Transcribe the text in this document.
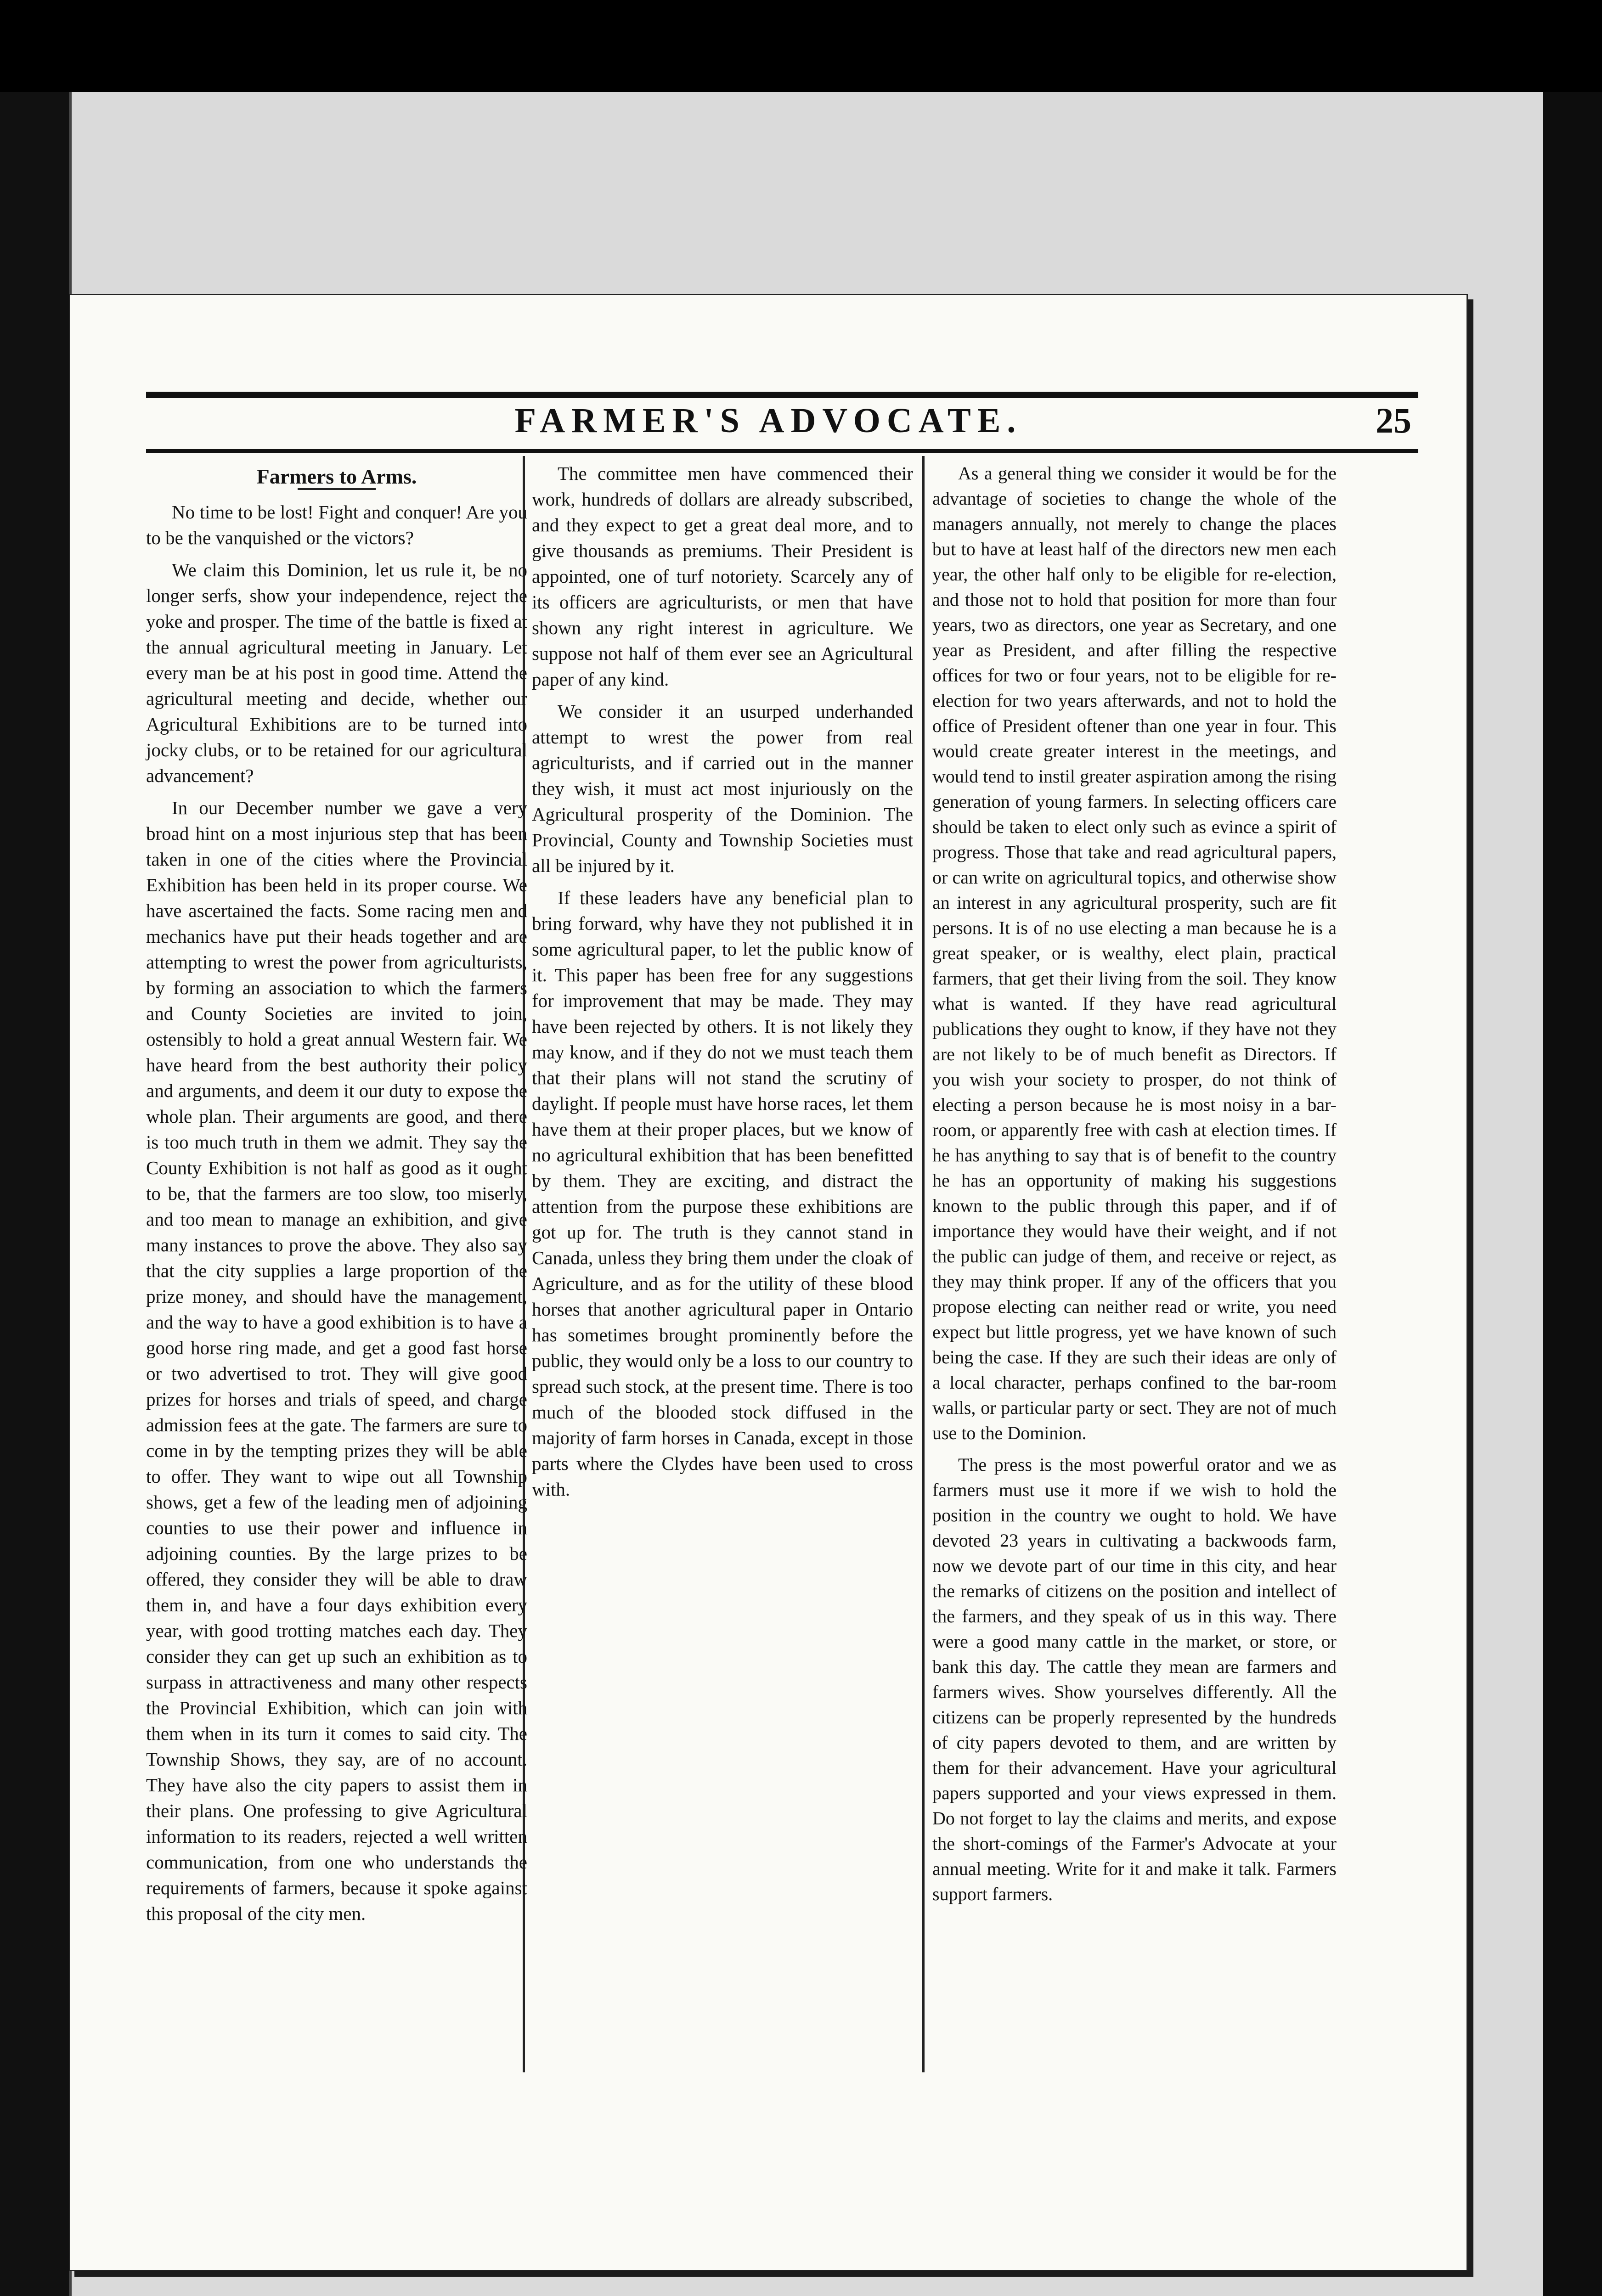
FARMER'S ADVOCATE.	25

Farmers to Arms.

No time to be lost! Fight and conquer! Are you to be the vanquished or the victors?

We claim this Dominion, let us rule it, be no longer serfs, show your independence, reject the yoke and prosper. The time of the battle is fixed at the annual agricultural meeting in January. Let every man be at his post in good time. Attend the agricultural meeting and decide, whether our Agricultural Exhibitions are to be turned into jocky clubs, or to be retained for our agricultural advancement?

In our December number we gave a very broad hint on a most injurious step that has been taken in one of the cities where the Provincial Exhibition has been held in its proper course. We have ascertained the facts. Some racing men and mechanics have put their heads together and are attempting to wrest the power from agriculturists, by forming an association to which the farmers and County Societies are invited to join, ostensibly to hold a great annual Western fair. We have heard from the best authority their policy and arguments, and deem it our duty to expose the whole plan. Their arguments are good, and there is too much truth in them we admit. They say the County Exhibition is not half as good as it ought to be, that the farmers are too slow, too miserly, and too mean to manage an exhibition, and give many instances to prove the above. They also say that the city supplies a large proportion of the prize money, and should have the management, and the way to have a good exhibition is to have a good horse ring made, and get a good fast horse or two advertised to trot. They will give good prizes for horses and trials of speed, and charge admission fees at the gate. The farmers are sure to come in by the tempting prizes they will be able to offer. They want to wipe out all Township shows, get a few of the leading men of adjoining counties to use their power and influence in adjoining counties. By the large prizes to be offered, they consider they will be able to draw them in, and have a four days exhibition every year, with good trotting matches each day. They consider they can get up such an exhibition as to surpass in attractiveness and many other respects the Provincial Exhibition, which can join with them when in its turn it comes to said city. The Township Shows, they say, are of no account. They have also the city papers to assist them in their plans. One professing to give Agricultural information to its readers, rejected a well written communication, from one who understands the requirements of farmers, because it spoke against this proposal of the city men.

The committee men have commenced their work, hundreds of dollars are already subscribed, and they expect to get a great deal more, and to give thousands as premiums. Their President is appointed, one of turf notoriety. Scarcely any of its officers are agriculturists, or men that have shown any right interest in agriculture. We suppose not half of them ever see an Agricultural paper of any kind.

We consider it an usurped underhanded attempt to wrest the power from real agriculturists, and if carried out in the manner they wish, it must act most injuriously on the Agricultural prosperity of the Dominion. The Provincial, County and Township Societies must all be injured by it.

If these leaders have any beneficial plan to bring forward, why have they not published it in some agricultural paper, to let the public know of it. This paper has been free for any suggestions for improvement that may be made. They may have been rejected by others. It is not likely they may know, and if they do not we must teach them that their plans will not stand the scrutiny of daylight. If people must have horse races, let them have them at their proper places, but we know of no agricultural exhibition that has been benefitted by them. They are exciting, and distract the attention from the purpose these exhibitions are got up for. The truth is they cannot stand in Canada, unless they bring them under the cloak of Agriculture, and as for the utility of these blood horses that another agricultural paper in Ontario has sometimes brought prominently before the public, they would only be a loss to our country to spread such stock, at the present time. There is too much of the blooded stock diffused in the majority of farm horses in Canada, except in those parts where the Clydes have been used to cross with.

As a general thing we consider it would be for the advantage of societies to change the whole of the managers annually, not merely to change the places but to have at least half of the directors new men each year, the other half only to be eligible for re-election, and those not to hold that position for more than four years, two as directors, one year as Secretary, and one year as President, and after filling the respective offices for two or four years, not to be eligible for re-election for two years afterwards, and not to hold the office of President oftener than one year in four. This would create greater interest in the meetings, and would tend to instil greater aspiration among the rising generation of young farmers. In selecting officers care should be taken to elect only such as evince a spirit of progress. Those that take and read agricultural papers, or can write on agricultural topics, and otherwise show an interest in any agricultural prosperity, such are fit persons. It is of no use electing a man because he is a great speaker, or is wealthy, elect plain, practical farmers, that get their living from the soil. They know what is wanted. If they have read agricultural publications they ought to know, if they have not they are not likely to be of much benefit as Directors. If you wish your society to prosper, do not think of electing a person because he is most noisy in a bar-room, or apparently free with cash at election times. If he has anything to say that is of benefit to the country he has an opportunity of making his suggestions known to the public through this paper, and if of importance they would have their weight, and if not the public can judge of them, and receive or reject, as they may think proper. If any of the officers that you propose electing can neither read or write, you need expect but little progress, yet we have known of such being the case. If they are such their ideas are only of a local character, perhaps confined to the bar-room walls, or particular party or sect. They are not of much use to the Dominion.

The press is the most powerful orator and we as farmers must use it more if we wish to hold the position in the country we ought to hold. We have devoted 23 years in cultivating a backwoods farm, now we devote part of our time in this city, and hear the remarks of citizens on the position and intellect of the farmers, and they speak of us in this way. There were a good many cattle in the market, or store, or bank this day. The cattle they mean are farmers and farmers wives. Show yourselves differently. All the citizens can be properly represented by the hundreds of city papers devoted to them, and are written by them for their advancement. Have your agricultural papers supported and your views expressed in them. Do not forget to lay the claims and merits, and expose the short-comings of the Farmer's Advocate at your annual meeting. Write for it and make it talk. Farmers support farmers.
